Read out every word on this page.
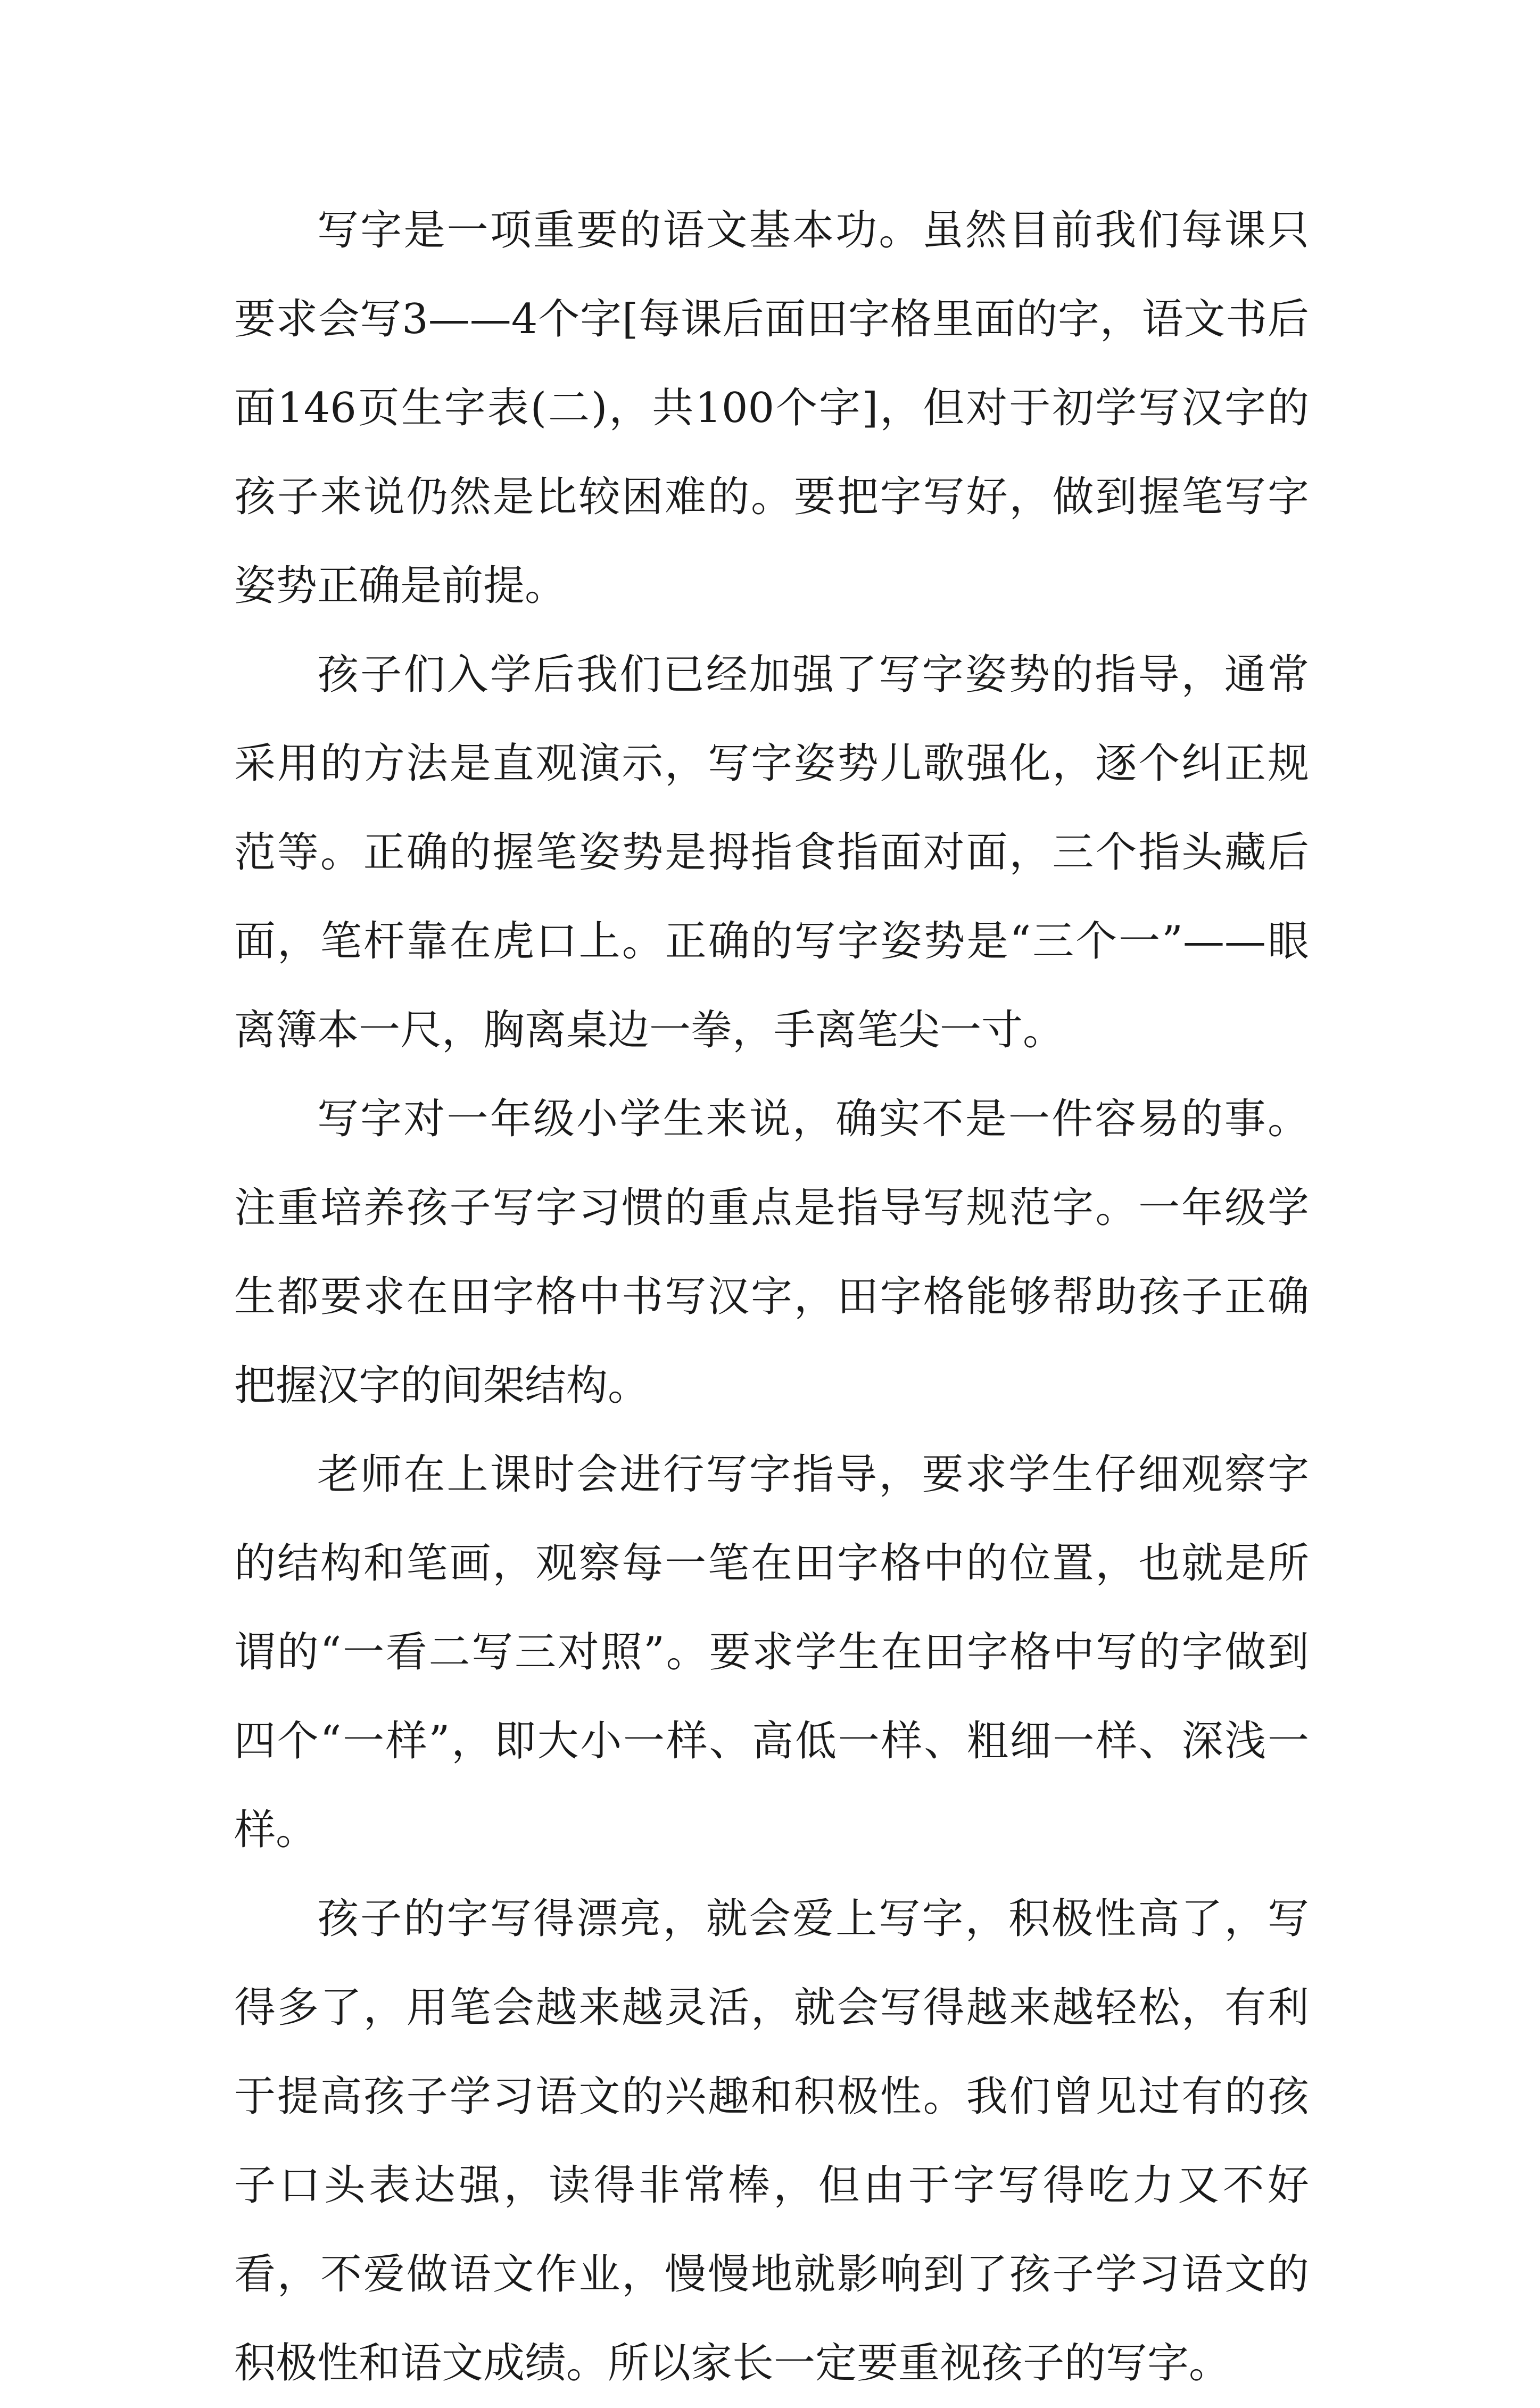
写字是一项重要的语文基本功。虽然目前我们每课只要求会写3——4个字[每课后面田字格里面的字，语文书后面146页生字表(二)，共100个字]，但对于初学写汉字的孩子来说仍然是比较困难的。要把字写好，做到握笔写字姿势正确是前提。

孩子们入学后我们已经加强了写字姿势的指导，通常采用的方法是直观演示，写字姿势儿歌强化，逐个纠正规范等。正确的握笔姿势是拇指食指面对面，三个指头藏后面，笔杆靠在虎口上。正确的写字姿势是“三个一”——眼离簿本一尺，胸离桌边一拳，手离笔尖一寸。

写字对一年级小学生来说，确实不是一件容易的事。注重培养孩子写字习惯的重点是指导写规范字。一年级学生都要求在田字格中书写汉字，田字格能够帮助孩子正确把握汉字的间架结构。

老师在上课时会进行写字指导，要求学生仔细观察字的结构和笔画，观察每一笔在田字格中的位置，也就是所谓的“一看二写三对照”。要求学生在田字格中写的字做到四个“一样”，即大小一样、高低一样、粗细一样、深浅一样。

孩子的字写得漂亮，就会爱上写字，积极性高了，写得多了，用笔会越来越灵活，就会写得越来越轻松，有利于提高孩子学习语文的兴趣和积极性。我们曾见过有的孩子口头表达强，读得非常棒，但由于字写得吃力又不好看，不爱做语文作业，慢慢地就影响到了孩子学习语文的积极性和语文成绩。所以家长一定要重视孩子的写字。
